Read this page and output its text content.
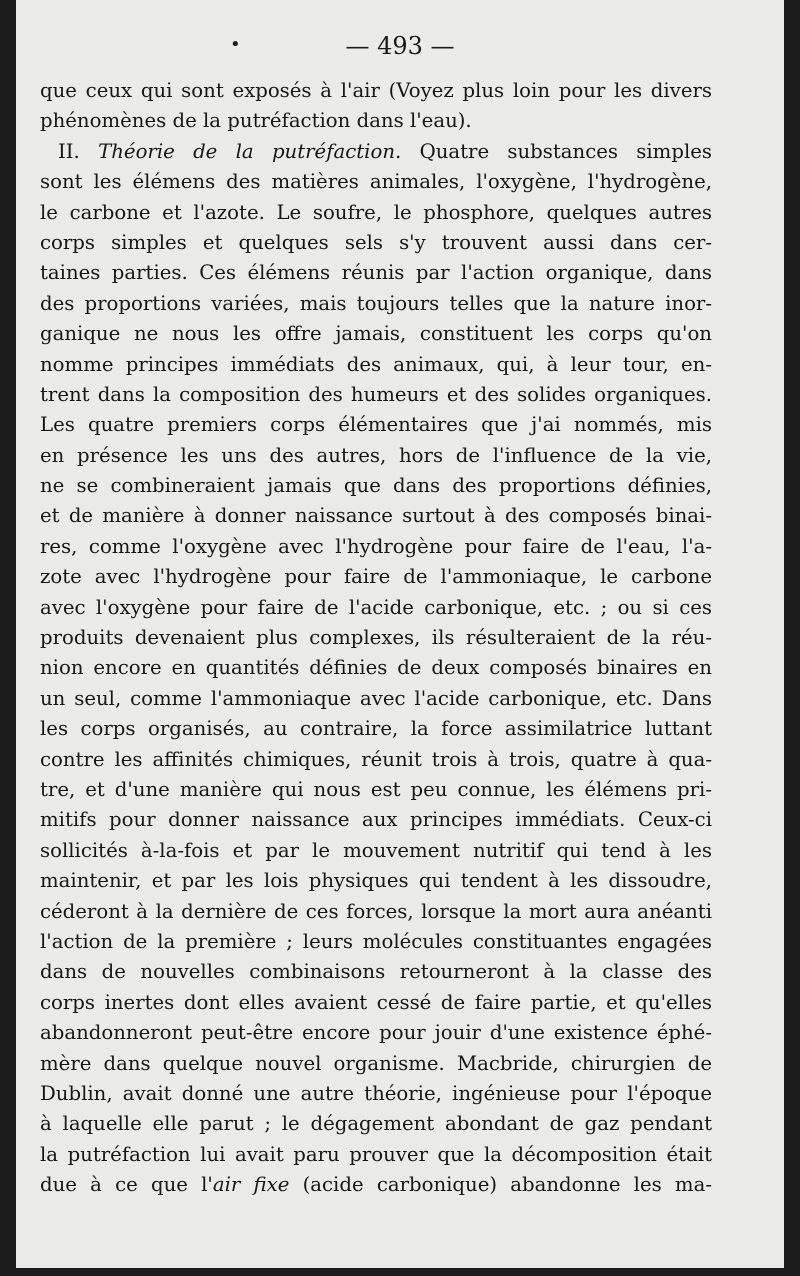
•	— 493 —
que ceux qui sont exposés à l'air (Voyez plus loin pour les divers
phénomènes de la putréfaction dans l'eau).
II. Théorie de la putréfaction. Quatre substances simples
sont les élémens des matières animales, l'oxygène, l'hydrogène,
le carbone et l'azote. Le soufre, le phosphore, quelques autres
corps simples et quelques sels s'y trouvent aussi dans cer-
taines parties. Ces élémens réunis par l'action organique, dans
des proportions variées, mais toujours telles que la nature inor-
ganique ne nous les offre jamais, constituent les corps qu'on
nomme principes immédiats des animaux, qui, à leur tour, en-
trent dans la composition des humeurs et des solides organiques.
Les quatre premiers corps élémentaires que j'ai nommés, mis
en présence les uns des autres, hors de l'influence de la vie,
ne se combineraient jamais que dans des proportions définies,
et de manière à donner naissance surtout à des composés binai-
res, comme l'oxygène avec l'hydrogène pour faire de l'eau, l'a-
zote avec l'hydrogène pour faire de l'ammoniaque, le carbone
avec l'oxygène pour faire de l'acide carbonique, etc. ; ou si ces
produits devenaient plus complexes, ils résulteraient de la réu-
nion encore en quantités définies de deux composés binaires en
un seul, comme l'ammoniaque avec l'acide carbonique, etc. Dans
les corps organisés, au contraire, la force assimilatrice luttant
contre les affinités chimiques, réunit trois à trois, quatre à qua-
tre, et d'une manière qui nous est peu connue, les élémens pri-
mitifs pour donner naissance aux principes immédiats. Ceux-ci
sollicités à-la-fois et par le mouvement nutritif qui tend à les
maintenir, et par les lois physiques qui tendent à les dissoudre,
céderont à la dernière de ces forces, lorsque la mort aura anéanti
l'action de la première ; leurs molécules constituantes engagées
dans de nouvelles combinaisons retourneront à la classe des
corps inertes dont elles avaient cessé de faire partie, et qu'elles
abandonneront peut-être encore pour jouir d'une existence éphé-
mère dans quelque nouvel organisme. Macbride, chirurgien de
Dublin, avait donné une autre théorie, ingénieuse pour l'époque
à laquelle elle parut ; le dégagement abondant de gaz pendant
la putréfaction lui avait paru prouver que la décomposition était
due à ce que l'air fixe (acide carbonique) abandonne les ma-
